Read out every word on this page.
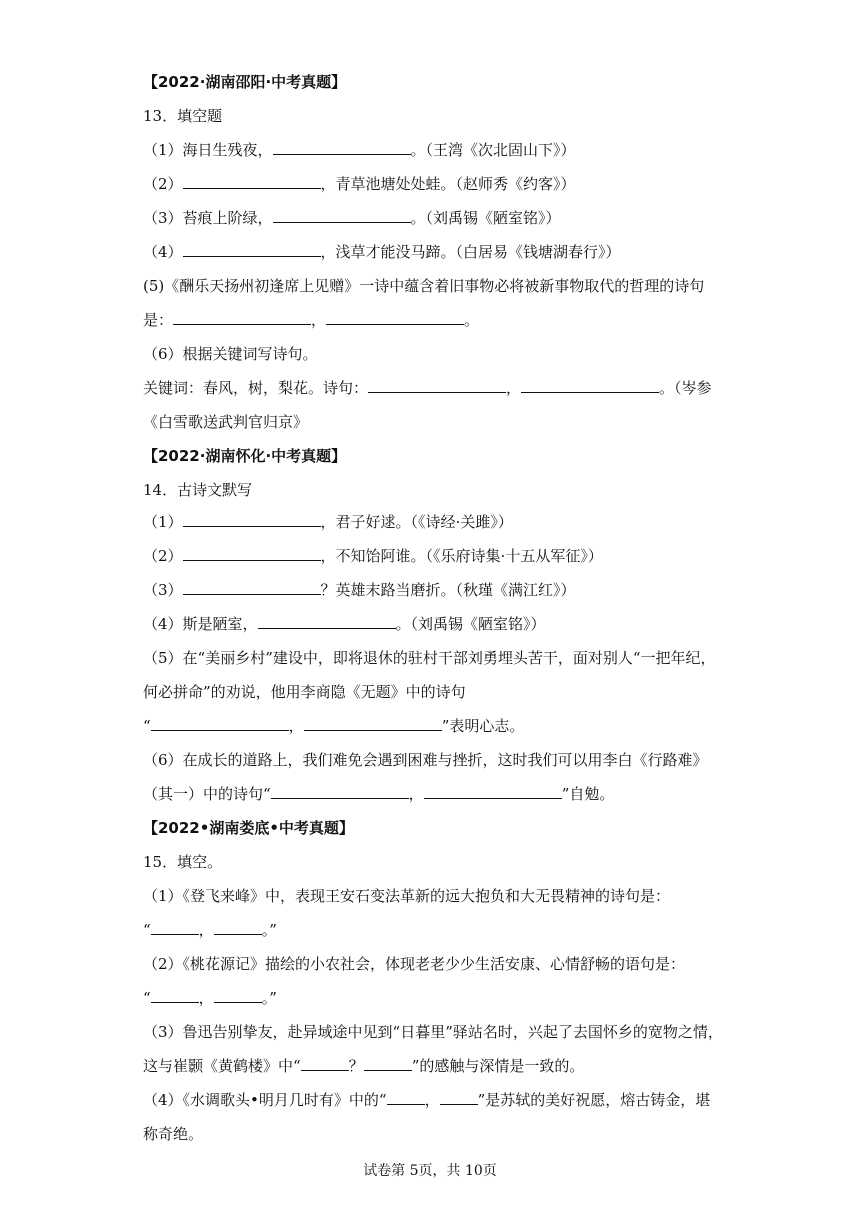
【2022·湖南邵阳·中考真题】
13．填空题
（1）海日生残夜，	。（王湾《次北固山下》）
（2）	，青草池塘处处蛙。（赵师秀《约客》）
（3）苔痕上阶绿，	。（刘禹锡《陋室铭》）
（4）	，浅草才能没马蹄。（白居易《钱塘湖春行》）
(5)《酬乐天扬州初逢席上见赠》一诗中蕴含着旧事物必将被新事物取代的哲理的诗句
是：	，	。
（6）根据关键词写诗句。
关键词：春风，树，梨花。诗句：	，	。（岑参
《白雪歌送武判官归京》
【2022·湖南怀化·中考真题】
14．古诗文默写
（1）	，君子好逑。（《诗经·关雎》）
（2）	，不知饴阿谁。（《乐府诗集·十五从军征》）
（3）	？英雄末路当磨折。（秋瑾《满江红》）
（4）斯是陋室，	。（刘禹锡《陋室铭》）
（5）在“美丽乡村”建设中，即将退休的驻村干部刘勇埋头苦干，面对别人“一把年纪，
何必拼命”的劝说，他用李商隐《无题》中的诗句
“	，	”表明心志。
（6）在成长的道路上，我们难免会遇到困难与挫折，这时我们可以用李白《行路难》
（其一）中的诗句“	，	”自勉。
【2022•湖南娄底•中考真题】
15．填空。
（1）《登飞来峰》中，表现王安石变法革新的远大抱负和大无畏精神的诗句是：
“	，	。”
（2）《桃花源记》描绘的小农社会，体现老老少少生活安康、心情舒畅的语句是：
“	，	。”
（3）鲁迅告别挚友，赴异域途中见到“日暮里”驿站名时，兴起了去国怀乡的宽物之情，
这与崔颢《黄鹤楼》中“	？	”的感触与深情是一致的。
（4）《水调歌头•明月几时有》中的“	，	”是苏轼的美好祝愿，熔古铸金，堪
称奇绝。
试卷第 5页，共 10页
